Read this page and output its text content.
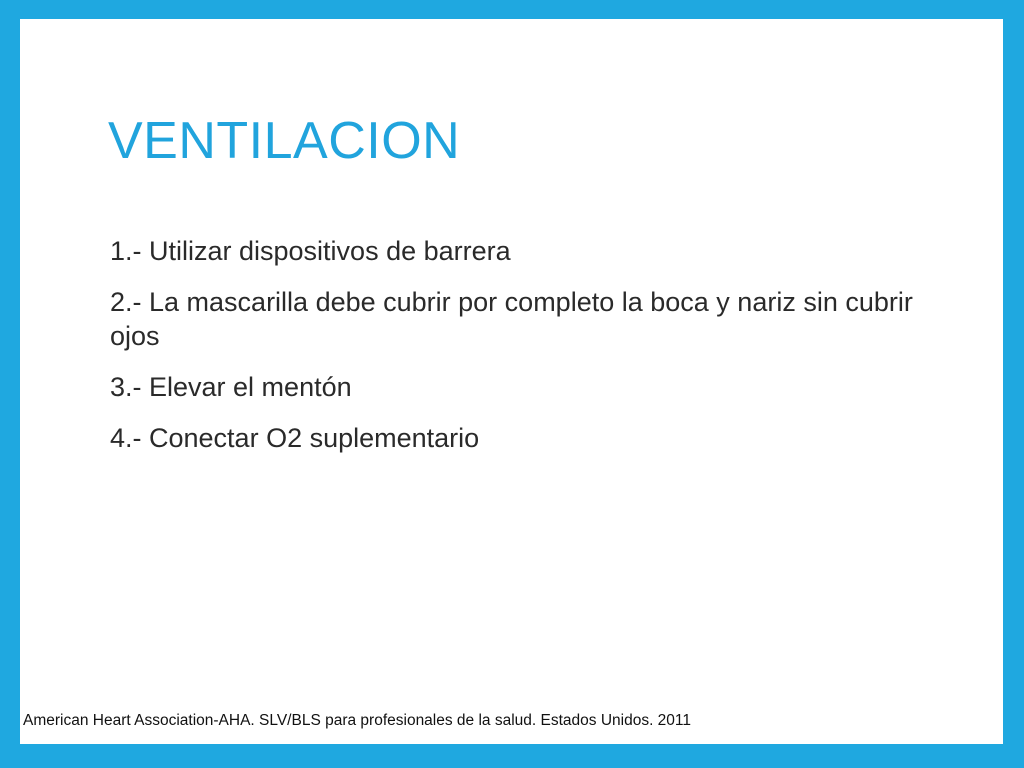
VENTILACION
1.- Utilizar dispositivos de barrera
2.- La mascarilla debe cubrir por completo la boca y nariz sin cubrir ojos
3.- Elevar el mentón
4.- Conectar O2 suplementario
American Heart Association-AHA. SLV/BLS para profesionales de la salud. Estados Unidos. 2011
